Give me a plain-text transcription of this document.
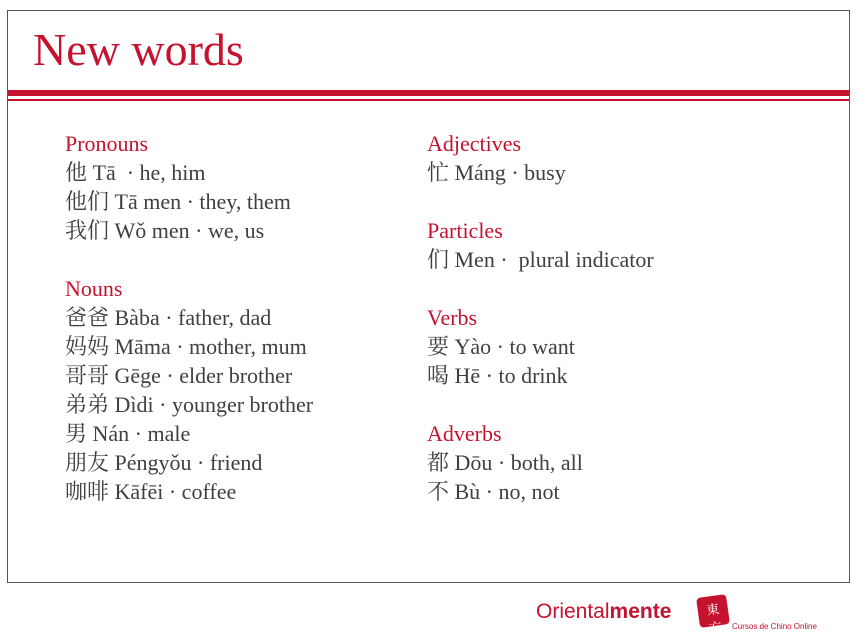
New words

Pronouns

他 Tā  · he, him

他们 Tā men · they, them

我们 Wǒ men · we, us

Nouns

爸爸 Bàba · father, dad

妈妈 Māma · mother, mum

哥哥 Gēge · elder brother

弟弟 Dìdi · younger brother

男 Nán · male

朋友 Péngyǒu · friend

咖啡 Kāfēi · coffee

Adjectives

忙 Máng · busy

Particles

们 Men ·  plural indicator

Verbs

要 Yào · to want

喝 Hē · to drink

Adverbs

都 Dōu · both, all

不 Bù · no, not

Orientalmente	東方 Cursos de Chino Online
